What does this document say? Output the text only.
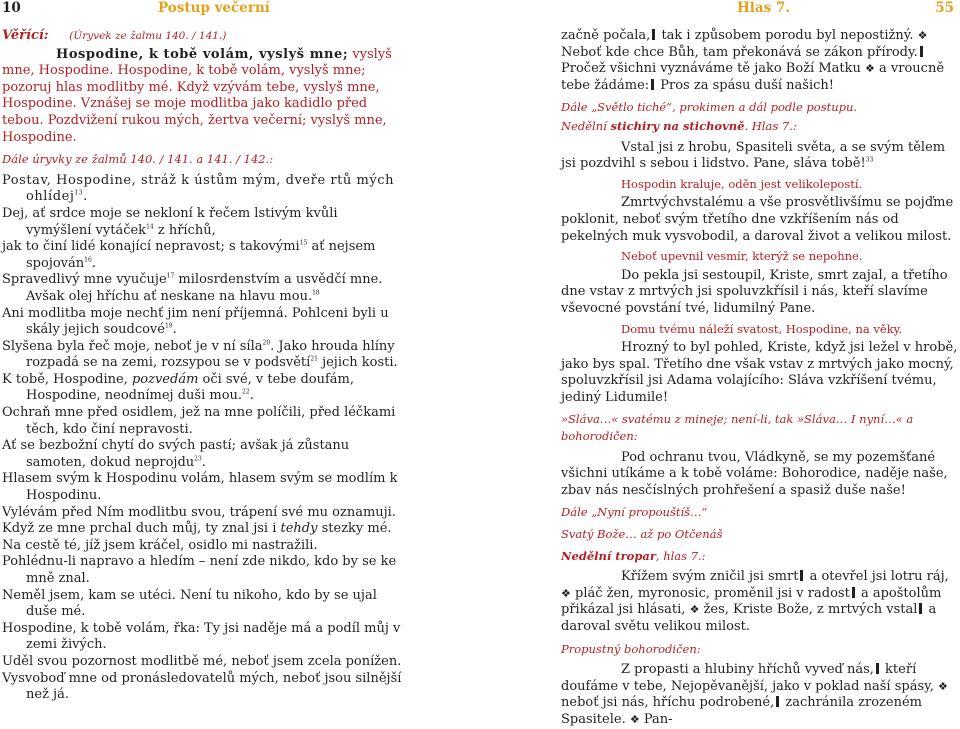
10	Postup večerní	Hlas 7.	55

Věřící: (Úryvek ze žalmu 140. / 141.)

Hospodine, k tobě volám, vyslyš mne; vyslyš mne, Hospodine. Hospodine, k tobě volám, vyslyš mne; pozoruj hlas modlitby mé. Když vzývám tebe, vyslyš mne, Hospodine. Vznášej se moje modlitba jako kadidlo před tebou. Pozdvižení rukou mých, žertva večerní; vyslyš mne, Hospodine.

Dále úryvky ze žalmů 140. / 141. a 141. / 142.:

Postav, Hospodine, stráž k ústům mým, dveře rtů mých ohlídej$^{13}$.

Dej, ať srdce moje se nekloní k řečem lstivým kvůli vymýšlení vytáček$^{14}$ z hříchů,

jak to činí lidé konající nepravost; s takovými$^{15}$ ať nejsem spojován$^{16}$.

Spravedlivý mne vyučuje$^{17}$ milosrdenstvím a usvědčí mne. Avšak olej hříchu ať neskane na hlavu mou.$^{18}$

Ani modlitba moje nechť jim není příjemná. Pohlceni byli u skály jejich soudcové$^{19}$.

Slyšena byla řeč moje, neboť je v ní síla$^{20}$. Jako hrouda hlíny rozpadá se na zemi, rozsypou se v podsvětí$^{21}$ jejich kosti.

K tobě, Hospodine, pozvedám oči své, v tebe doufám, Hospodine, neodnímej duši mou.$^{22}$.

Ochraň mne před osidlem, jež na mne políčili, před léčkami těch, kdo činí nepravosti.

Ať se bezbožní chytí do svých pastí; avšak já zůstanu samoten, dokud neprojdu$^{23}$.

Hlasem svým k Hospodinu volám, hlasem svým se modlím k Hospodinu.

Vylévám před Ním modlitbu svou, trápení své mu oznamuji.

Když ze mne prchal duch můj, ty znal jsi i tehdy stezky mé.

Na cestě té, jíž jsem kráčel, osidlo mi nastražili.

Pohlédnu-li napravo a hledím – není zde nikdo, kdo by se ke mně znal.

Neměl jsem, kam se utéci. Není tu nikoho, kdo by se ujal duše mé.

Hospodine, k tobě volám, řka: Ty jsi naděje má a podíl můj v zemi živých.

Uděl svou pozornost modlitbě mé, neboť jsem zcela ponížen.

Vysvoboď mne od pronásledovatelů mých, neboť jsou silnější než já.

začně počala, tak i způsobem porodu byl nepostižný. ❖ Neboť kde chce Bůh, tam překonává se zákon přírody. Pročež všichni vyznáváme tě jako Boží Matku ❖ a vroucně tebe žádáme: Pros za spásu duší našich!

Dále „Světlo tiché“, prokimen a dál podle postupu.

Nedělní stichiry na stichovně. Hlas 7.:

Vstal jsi z hrobu, Spasiteli světa, a se svým tělem jsi pozdvihl s sebou i lidstvo. Pane, sláva tobě!$^{33}$

Hospodin kraluje, oděn jest velikolepostí.

Zmrtvýchvstalému a vše prosvětlivšímu se pojďme poklonit, neboť svým třetího dne vzkříšením nás od pekelných muk vysvobodil, a daroval život a velikou milost.

Neboť upevnil vesmír, kterýž se nepohne.

Do pekla jsi sestoupil, Kriste, smrt zajal, a třetího dne vstav z mrtvých jsi spoluvzkřísil i nás, kteří slavíme vševocné povstání tvé, lidumilný Pane.

Domu tvému náleží svatost, Hospodine, na věky.

Hrozný to byl pohled, Kriste, když jsi ležel v hrobě, jako bys spal. Třetího dne však vstav z mrtvých jako mocný, spoluvzkřísil jsi Adama volajícího: Sláva vzkříšení tvému, jediný Lidumile!

»Sláva…« svatému z mineje; není-li, tak »Sláva… I nyní…« a bohorodičen:

Pod ochranu tvou, Vládkyně, se my pozemšťané všichni utíkáme a k tobě voláme: Bohorodice, naděje naše, zbav nás nesčíslných prohřešení a spasiž duše naše!

Dále „Nyní propouštíš…“

Svatý Bože… až po Otčenáš

Nedělní tropar, hlas 7.:

Křížem svým zničil jsi smrt a otevřel jsi lotru ráj, ❖ pláč žen, myronosic, proměnil jsi v radost a apoštolům přikázal jsi hlásati, ❖ žes, Kriste Bože, z mrtvých vstal a daroval světu velikou milost.

Propustný bohorodičen:

Z propasti a hlubiny hříchů vyveď nás, kteří doufáme v tebe, Nejopěvanější, jako v poklad naší spásy, ❖ neboť jsi nás, hříchu podrobené, zachránila zrozeném Spasitele. ❖ Pan-
